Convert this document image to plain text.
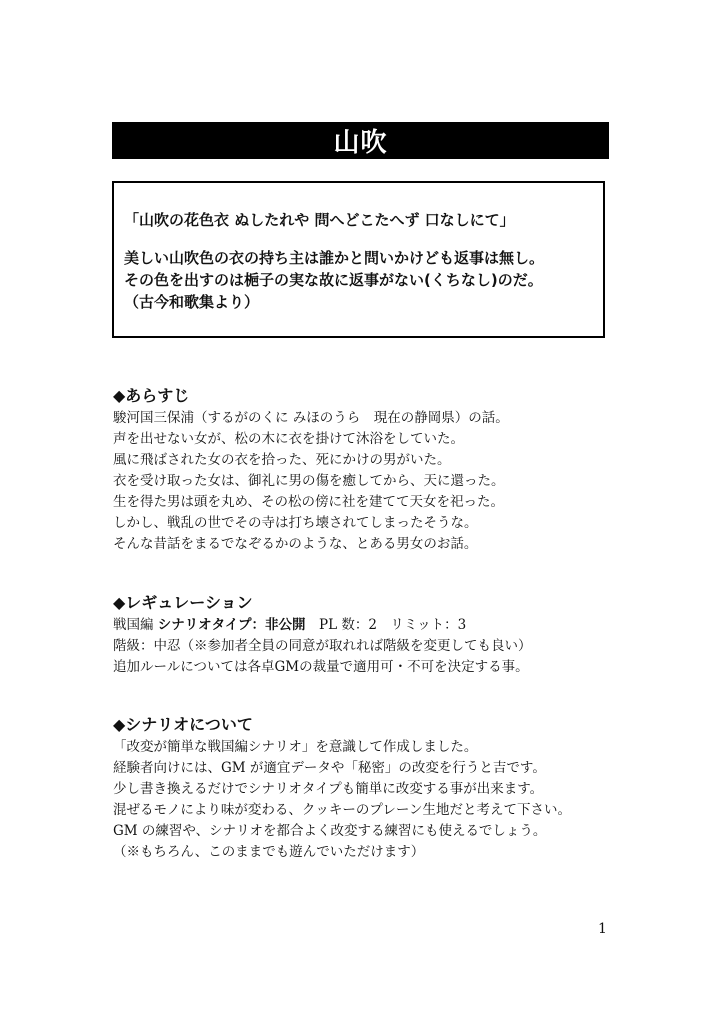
山吹
「山吹の花色衣 ぬしたれや 問へどこたへず 口なしにて」
美しい山吹色の衣の持ち主は誰かと問いかけども返事は無し。
その色を出すのは梔子の実な故に返事がない(くちなし)のだ。
（古今和歌集より）
◆あらすじ
駿河国三保浦（するがのくに みほのうら　現在の静岡県）の話。
声を出せない女が、松の木に衣を掛けて沐浴をしていた。
風に飛ばされた女の衣を拾った、死にかけの男がいた。
衣を受け取った女は、御礼に男の傷を癒してから、天に還った。
生を得た男は頭を丸め、その松の傍に社を建てて天女を祀った。
しかし、戦乱の世でその寺は打ち壊されてしまったそうな。
そんな昔話をまるでなぞるかのような、とある男女のお話。
◆レギュレーション
戦国編 シナリオタイプ：非公開　PL 数：2　リミット：3
階級：中忍（※参加者全員の同意が取れれば階級を変更しても良い）
追加ルールについては各卓GMの裁量で適用可・不可を決定する事。
◆シナリオについて
「改変が簡単な戦国編シナリオ」を意識して作成しました。
経験者向けには、GM が適宜データや「秘密」の改変を行うと吉です。
少し書き換えるだけでシナリオタイプも簡単に改変する事が出来ます。
混ぜるモノにより味が変わる、クッキーのプレーン生地だと考えて下さい。
GM の練習や、シナリオを都合よく改変する練習にも使えるでしょう。
（※もちろん、このままでも遊んでいただけます）
1
